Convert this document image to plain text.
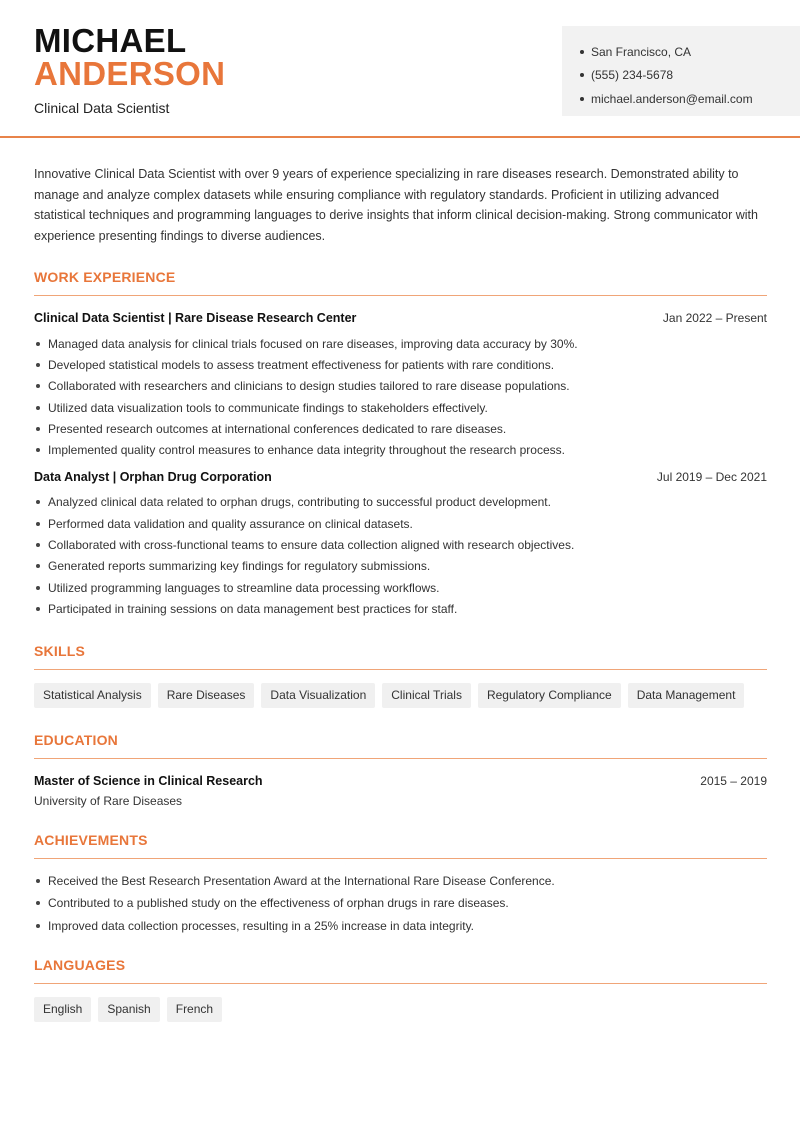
MICHAEL
ANDERSON
Clinical Data Scientist
San Francisco, CA
(555) 234-5678
michael.anderson@email.com

Innovative Clinical Data Scientist with over 9 years of experience specializing in rare diseases research. Demonstrated ability to manage and analyze complex datasets while ensuring compliance with regulatory standards. Proficient in utilizing advanced statistical techniques and programming languages to derive insights that inform clinical decision-making. Strong communicator with experience presenting findings to diverse audiences.

WORK EXPERIENCE
Clinical Data Scientist | Rare Disease Research Center	Jan 2022 – Present
Managed data analysis for clinical trials focused on rare diseases, improving data accuracy by 30%.
Developed statistical models to assess treatment effectiveness for patients with rare conditions.
Collaborated with researchers and clinicians to design studies tailored to rare disease populations.
Utilized data visualization tools to communicate findings to stakeholders effectively.
Presented research outcomes at international conferences dedicated to rare diseases.
Implemented quality control measures to enhance data integrity throughout the research process.
Data Analyst | Orphan Drug Corporation	Jul 2019 – Dec 2021
Analyzed clinical data related to orphan drugs, contributing to successful product development.
Performed data validation and quality assurance on clinical datasets.
Collaborated with cross-functional teams to ensure data collection aligned with research objectives.
Generated reports summarizing key findings for regulatory submissions.
Utilized programming languages to streamline data processing workflows.
Participated in training sessions on data management best practices for staff.
SKILLS
Statistical Analysis	Rare Diseases	Data Visualization	Clinical Trials	Regulatory Compliance	Data Management
EDUCATION
Master of Science in Clinical Research	2015 – 2019
University of Rare Diseases
ACHIEVEMENTS
Received the Best Research Presentation Award at the International Rare Disease Conference.
Contributed to a published study on the effectiveness of orphan drugs in rare diseases.
Improved data collection processes, resulting in a 25% increase in data integrity.
LANGUAGES
English	Spanish	French
